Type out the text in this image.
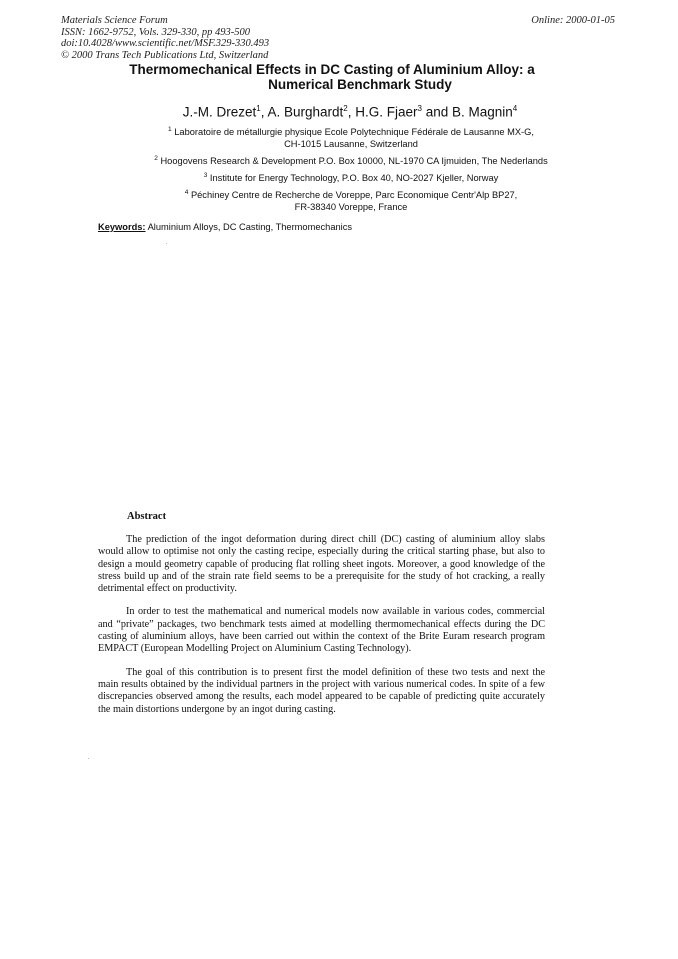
Materials Science Forum
ISSN: 1662-9752, Vols. 329-330, pp 493-500
doi:10.4028/www.scientific.net/MSF.329-330.493
© 2000 Trans Tech Publications Ltd, Switzerland
Online: 2000-01-05
Thermomechanical Effects in DC Casting of Aluminium Alloy: a
Numerical Benchmark Study
J.-M. Drezet$^1$, A. Burghardt$^2$, H.G. Fjaer$^3$ and B. Magnin$^4$
$^1$ Laboratoire de métallurgie physique Ecole Polytechnique Fédérale de Lausanne MX-G,
CH-1015 Lausanne, Switzerland
$^2$ Hoogovens Research & Development P.O. Box 10000, NL-1970 CA Ijmuiden, The Nederlands
$^3$ Institute for Energy Technology, P.O. Box 40, NO-2027 Kjeller, Norway
$^4$ Péchiney Centre de Recherche de Voreppe, Parc Economique Centr'Alp BP27,
FR-38340 Voreppe, France
Keywords: Aluminium Alloys, DC Casting, Thermomechanics
Abstract

The prediction of the ingot deformation during direct chill (DC) casting of aluminium alloy slabs would allow to optimise not only the casting recipe, especially during the critical starting phase, but also to design a mould geometry capable of producing flat rolling sheet ingots. Moreover, a good knowledge of the stress build up and of the strain rate field seems to be a prerequisite for the study of hot cracking, a really detrimental effect on productivity.

In order to test the mathematical and numerical models now available in various codes, commercial and “private” packages, two benchmark tests aimed at modelling thermomechanical effects during the DC casting of aluminium alloys, have been carried out within the context of the Brite Euram research program EMPACT (European Modelling Project on Aluminium Casting Technology).

The goal of this contribution is to present first the model definition of these two tests and next the main results obtained by the individual partners in the project with various numerical codes. In spite of a few discrepancies observed among the results, each model appeared to be capable of predicting quite accurately the main distortions undergone by an ingot during casting.
